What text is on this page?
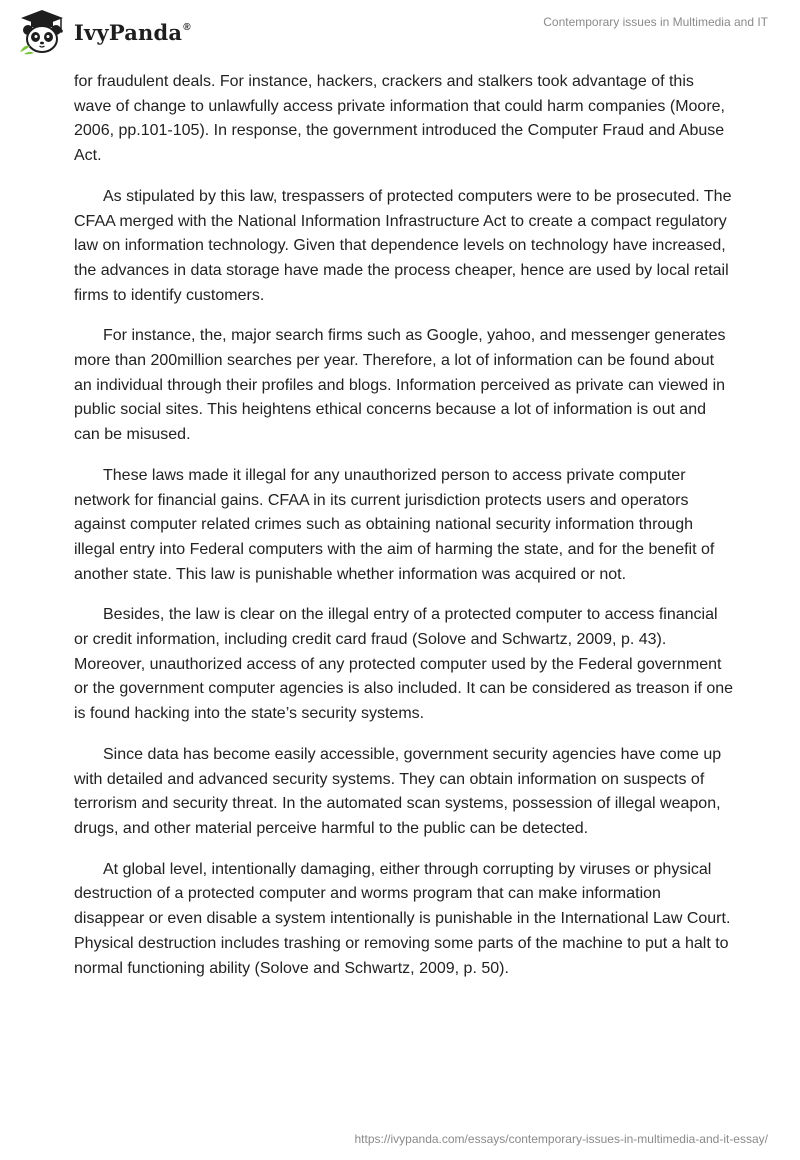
IvyPanda®	Contemporary issues in Multimedia and IT

for fraudulent deals. For instance, hackers, crackers and stalkers took advantage of this wave of change to unlawfully access private information that could harm companies (Moore, 2006, pp.101-105). In response, the government introduced the Computer Fraud and Abuse Act.

As stipulated by this law, trespassers of protected computers were to be prosecuted. The CFAA merged with the National Information Infrastructure Act to create a compact regulatory law on information technology. Given that dependence levels on technology have increased, the advances in data storage have made the process cheaper, hence are used by local retail firms to identify customers.

For instance, the, major search firms such as Google, yahoo, and messenger generates more than 200million searches per year. Therefore, a lot of information can be found about an individual through their profiles and blogs. Information perceived as private can viewed in public social sites. This heightens ethical concerns because a lot of information is out and can be misused.

These laws made it illegal for any unauthorized person to access private computer network for financial gains. CFAA in its current jurisdiction protects users and operators against computer related crimes such as obtaining national security information through illegal entry into Federal computers with the aim of harming the state, and for the benefit of another state. This law is punishable whether information was acquired or not.

Besides, the law is clear on the illegal entry of a protected computer to access financial or credit information, including credit card fraud (Solove and Schwartz, 2009, p. 43). Moreover, unauthorized access of any protected computer used by the Federal government or the government computer agencies is also included. It can be considered as treason if one is found hacking into the state’s security systems.

Since data has become easily accessible, government security agencies have come up with detailed and advanced security systems. They can obtain information on suspects of terrorism and security threat. In the automated scan systems, possession of illegal weapon, drugs, and other material perceive harmful to the public can be detected.

At global level, intentionally damaging, either through corrupting by viruses or physical destruction of a protected computer and worms program that can make information disappear or even disable a system intentionally is punishable in the International Law Court. Physical destruction includes trashing or removing some parts of the machine to put a halt to normal functioning ability (Solove and Schwartz, 2009, p. 50).

https://ivypanda.com/essays/contemporary-issues-in-multimedia-and-it-essay/
